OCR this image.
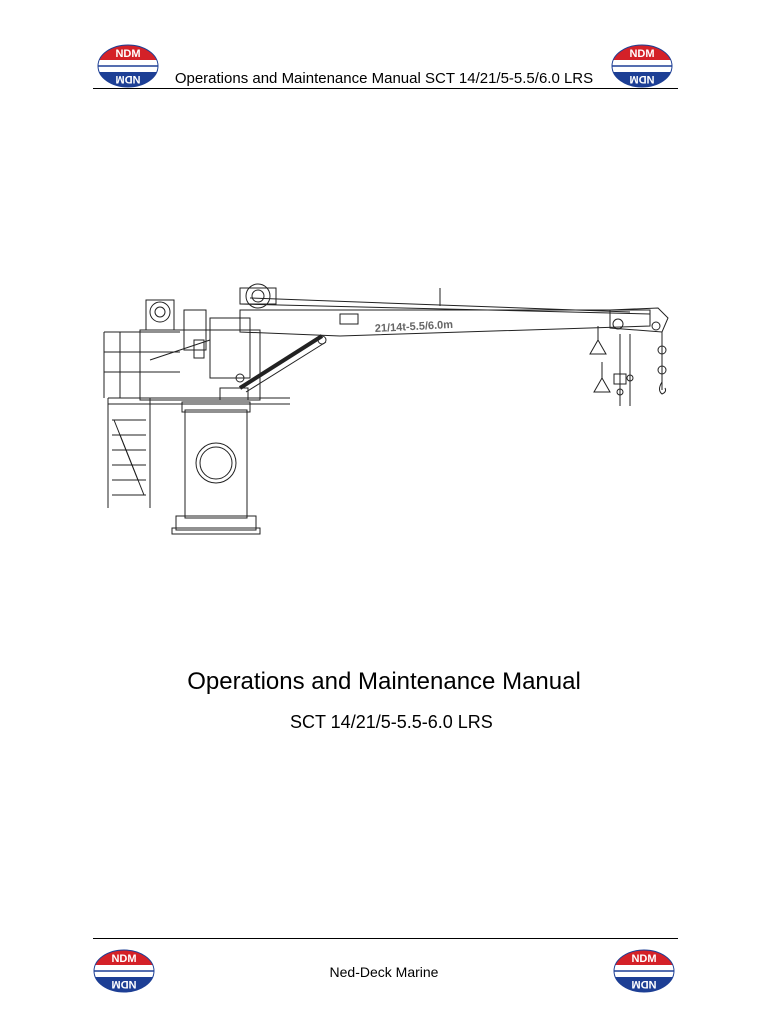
NDM
NDM	Operations and Maintenance Manual SCT 14/21/5-5.5/6.0 LRS
NDM
NDM
21/14t-5.5/6.0m
Operations and Maintenance Manual
SCT 14/21/5-5.5-6.0 LRS
NDM
NDM
Ned-Deck Marine
NDM
NDM
